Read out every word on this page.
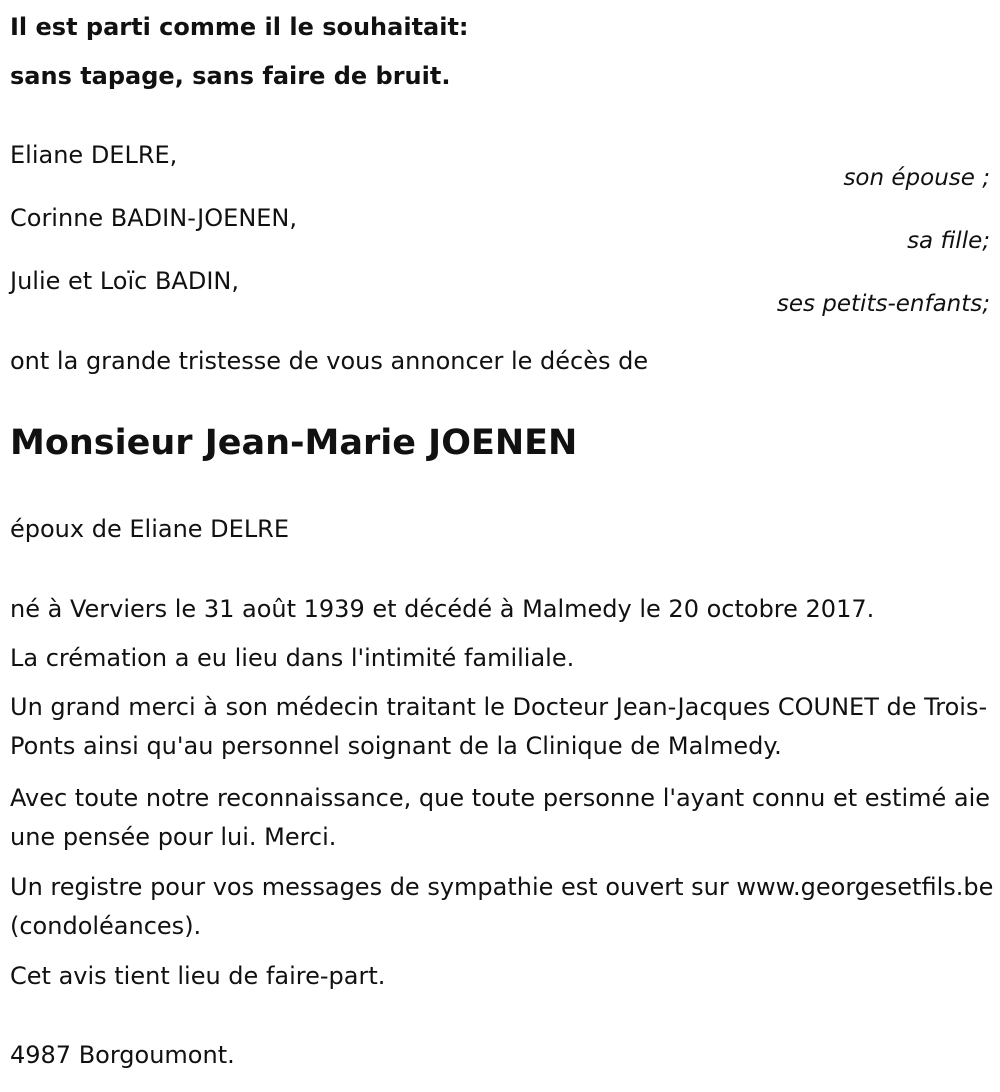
Il est parti comme il le souhaitait:
sans tapage, sans faire de bruit.
Eliane DELRE,
son épouse ;
Corinne BADIN-JOENEN,
sa fille;
Julie et Loïc BADIN,
ses petits-enfants;
ont la grande tristesse de vous annoncer le décès de
Monsieur Jean-Marie JOENEN
époux de Eliane DELRE
né à Verviers le 31 août 1939 et décédé à Malmedy le 20 octobre 2017.
La crémation a eu lieu dans l'intimité familiale.
Un grand merci à son médecin traitant le Docteur Jean-Jacques COUNET de Trois-Ponts ainsi qu'au personnel soignant de la Clinique de Malmedy.
Avec toute notre reconnaissance, que toute personne l'ayant connu et estimé aie une pensée pour lui. Merci.
Un registre pour vos messages de sympathie est ouvert sur www.georgesetfils.be (condoléances).
Cet avis tient lieu de faire-part.
4987 Borgoumont.
